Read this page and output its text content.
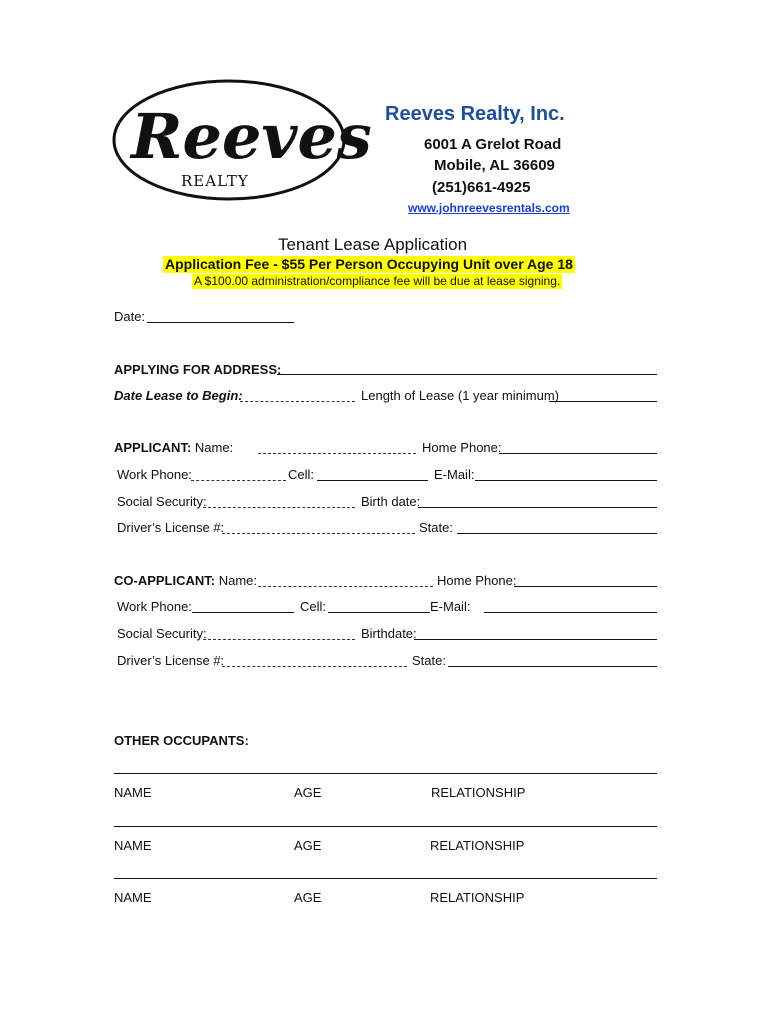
Reeves
REALTY
Reeves Realty, Inc.
6001 A Grelot Road
Mobile, AL 36609
(251)661-4925
www.johnreevesrentals.com
Tenant Lease Application
Application Fee - $55 Per Person Occupying Unit over Age 18
A $100.00 administration/compliance fee will be due at lease signing.
Date:
APPLYING FOR ADDRESS:
Date Lease to Begin:	Length of Lease (1 year minimum)
APPLICANT: Name:	Home Phone:
Work Phone:	Cell:	E-Mail:
Social Security:	Birth date:
Driver’s License #:	State:
CO-APPLICANT: Name:	Home Phone:
Work Phone:	Cell:	E-Mail:
Social Security:	Birthdate:
Driver’s License #:	State:
OTHER OCCUPANTS:
NAME	AGE	RELATIONSHIP
NAME	AGE	RELATIONSHIP
NAME	AGE	RELATIONSHIP
